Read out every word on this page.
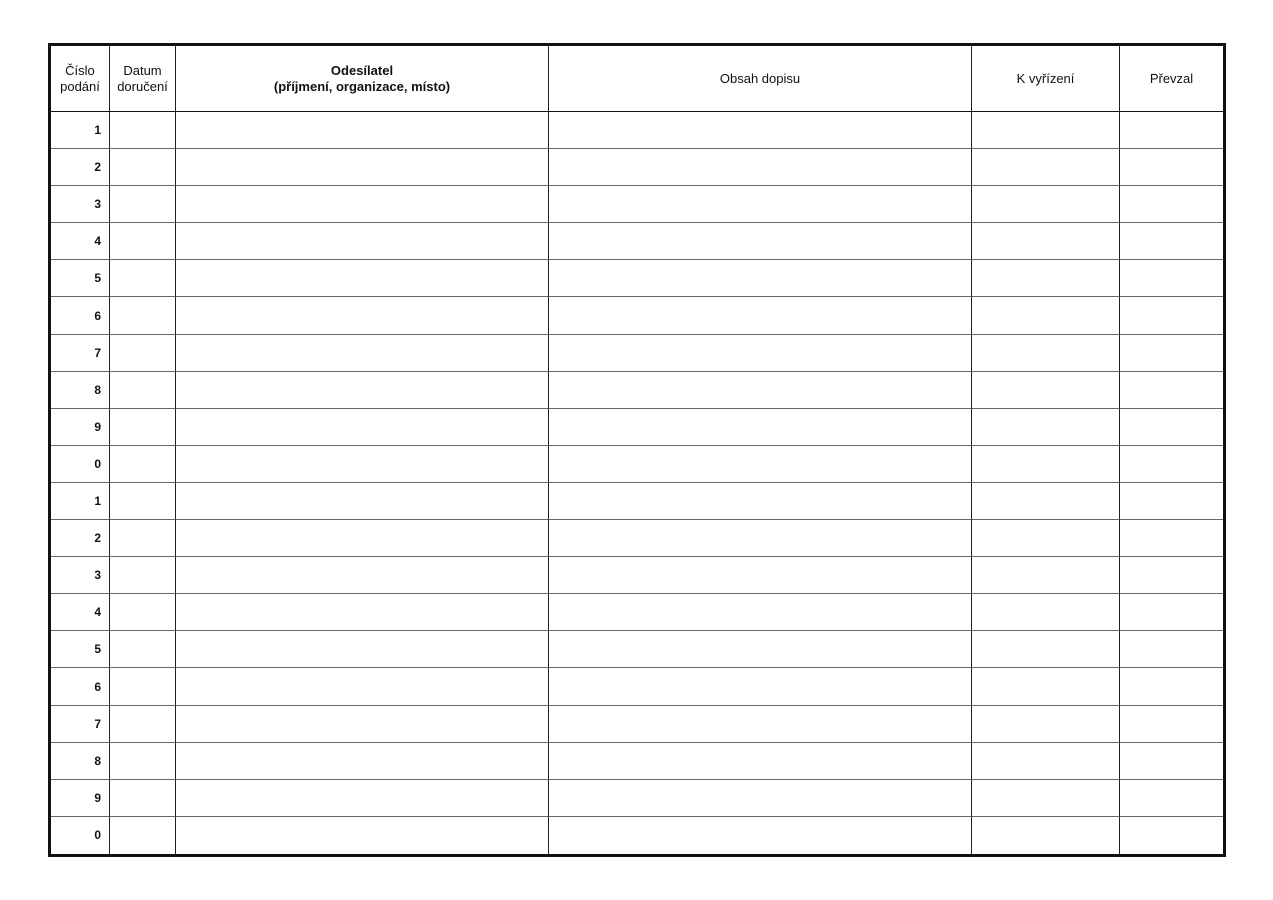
Číslo
podání
Datum
doručení
Odesílatel
(příjmení, organizace, místo)
Obsah dopisu	K vyřízení	Převzal
1
2
3
4
5
6
7
8
9
0
1
2
3
4
5
6
7
8
9
0
